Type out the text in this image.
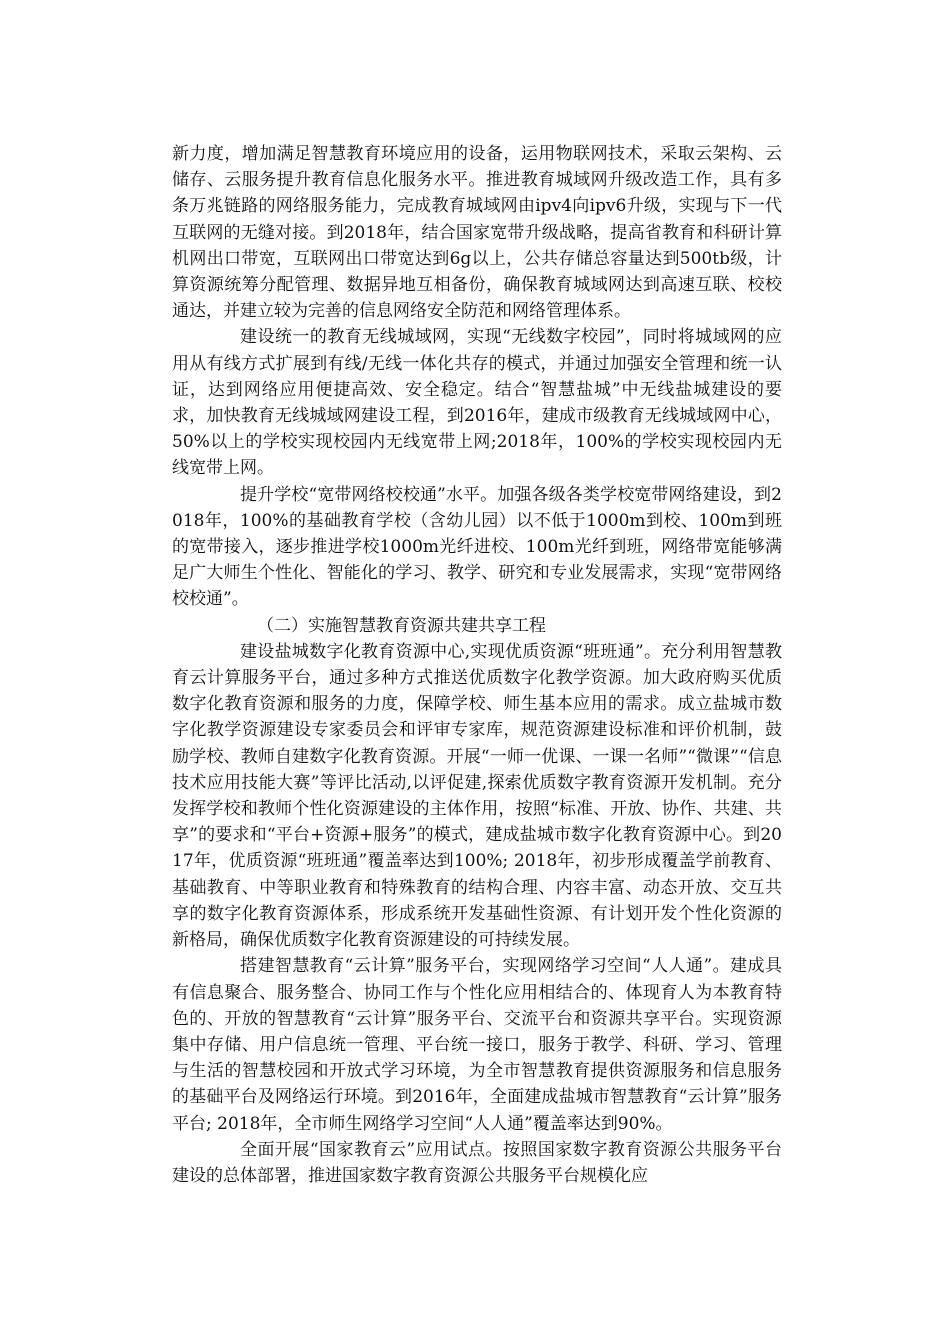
新力度，增加满足智慧教育环境应用的设备，运用物联网技术，采取云架构、云储存、云服务提升教育信息化服务水平。推进教育城域网升级改造工作，具有多条万兆链路的网络服务能力，完成教育城域网由ipv4向ipv6升级，实现与下一代互联网的无缝对接。到2018年，结合国家宽带升级战略，提高省教育和科研计算机网出口带宽，互联网出口带宽达到6g以上，公共存储总容量达到500tb级，计算资源统筹分配管理、数据异地互相备份，确保教育城域网达到高速互联、校校通达，并建立较为完善的信息网络安全防范和网络管理体系。

建设统一的教育无线城域网，实现“无线数字校园”，同时将城域网的应用从有线方式扩展到有线/无线一体化共存的模式，并通过加强安全管理和统一认证，达到网络应用便捷高效、安全稳定。结合“智慧盐城”中无线盐城建设的要求，加快教育无线城域网建设工程，到2016年，建成市级教育无线城域网中心，50%以上的学校实现校园内无线宽带上网;2018年，100%的学校实现校园内无线宽带上网。

提升学校“宽带网络校校通”水平。加强各级各类学校宽带网络建设，到2018年，100%的基础教育学校（含幼儿园）以不低于1000m到校、100m到班的宽带接入，逐步推进学校1000m光纤进校、100m光纤到班，网络带宽能够满足广大师生个性化、智能化的学习、教学、研究和专业发展需求，实现“宽带网络校校通”。

（二）实施智慧教育资源共建共享工程

建设盐城数字化教育资源中心,实现优质资源“班班通”。充分利用智慧教育云计算服务平台，通过多种方式推送优质数字化教学资源。加大政府购买优质数字化教育资源和服务的力度，保障学校、师生基本应用的需求。成立盐城市数字化教学资源建设专家委员会和评审专家库，规范资源建设标准和评价机制，鼓励学校、教师自建数字化教育资源。开展“一师一优课、一课一名师”“微课”“信息技术应用技能大赛”等评比活动,以评促建,探索优质数字教育资源开发机制。充分发挥学校和教师个性化资源建设的主体作用，按照“标准、开放、协作、共建、共享”的要求和“平台+资源+服务”的模式，建成盐城市数字化教育资源中心。到2017年，优质资源“班班通”覆盖率达到100%; 2018年，初步形成覆盖学前教育、基础教育、中等职业教育和特殊教育的结构合理、内容丰富、动态开放、交互共享的数字化教育资源体系，形成系统开发基础性资源、有计划开发个性化资源的新格局，确保优质数字化教育资源建设的可持续发展。

搭建智慧教育“云计算”服务平台，实现网络学习空间“人人通”。建成具有信息聚合、服务整合、协同工作与个性化应用相结合的、体现育人为本教育特色的、开放的智慧教育“云计算”服务平台、交流平台和资源共享平台。实现资源集中存储、用户信息统一管理、平台统一接口，服务于教学、科研、学习、管理与生活的智慧校园和开放式学习环境，为全市智慧教育提供资源服务和信息服务的基础平台及网络运行环境。到2016年，全面建成盐城市智慧教育“云计算”服务平台; 2018年，全市师生网络学习空间“人人通”覆盖率达到90%。

全面开展“国家教育云”应用试点。按照国家数字教育资源公共服务平台建设的总体部署，推进国家数字教育资源公共服务平台规模化应
